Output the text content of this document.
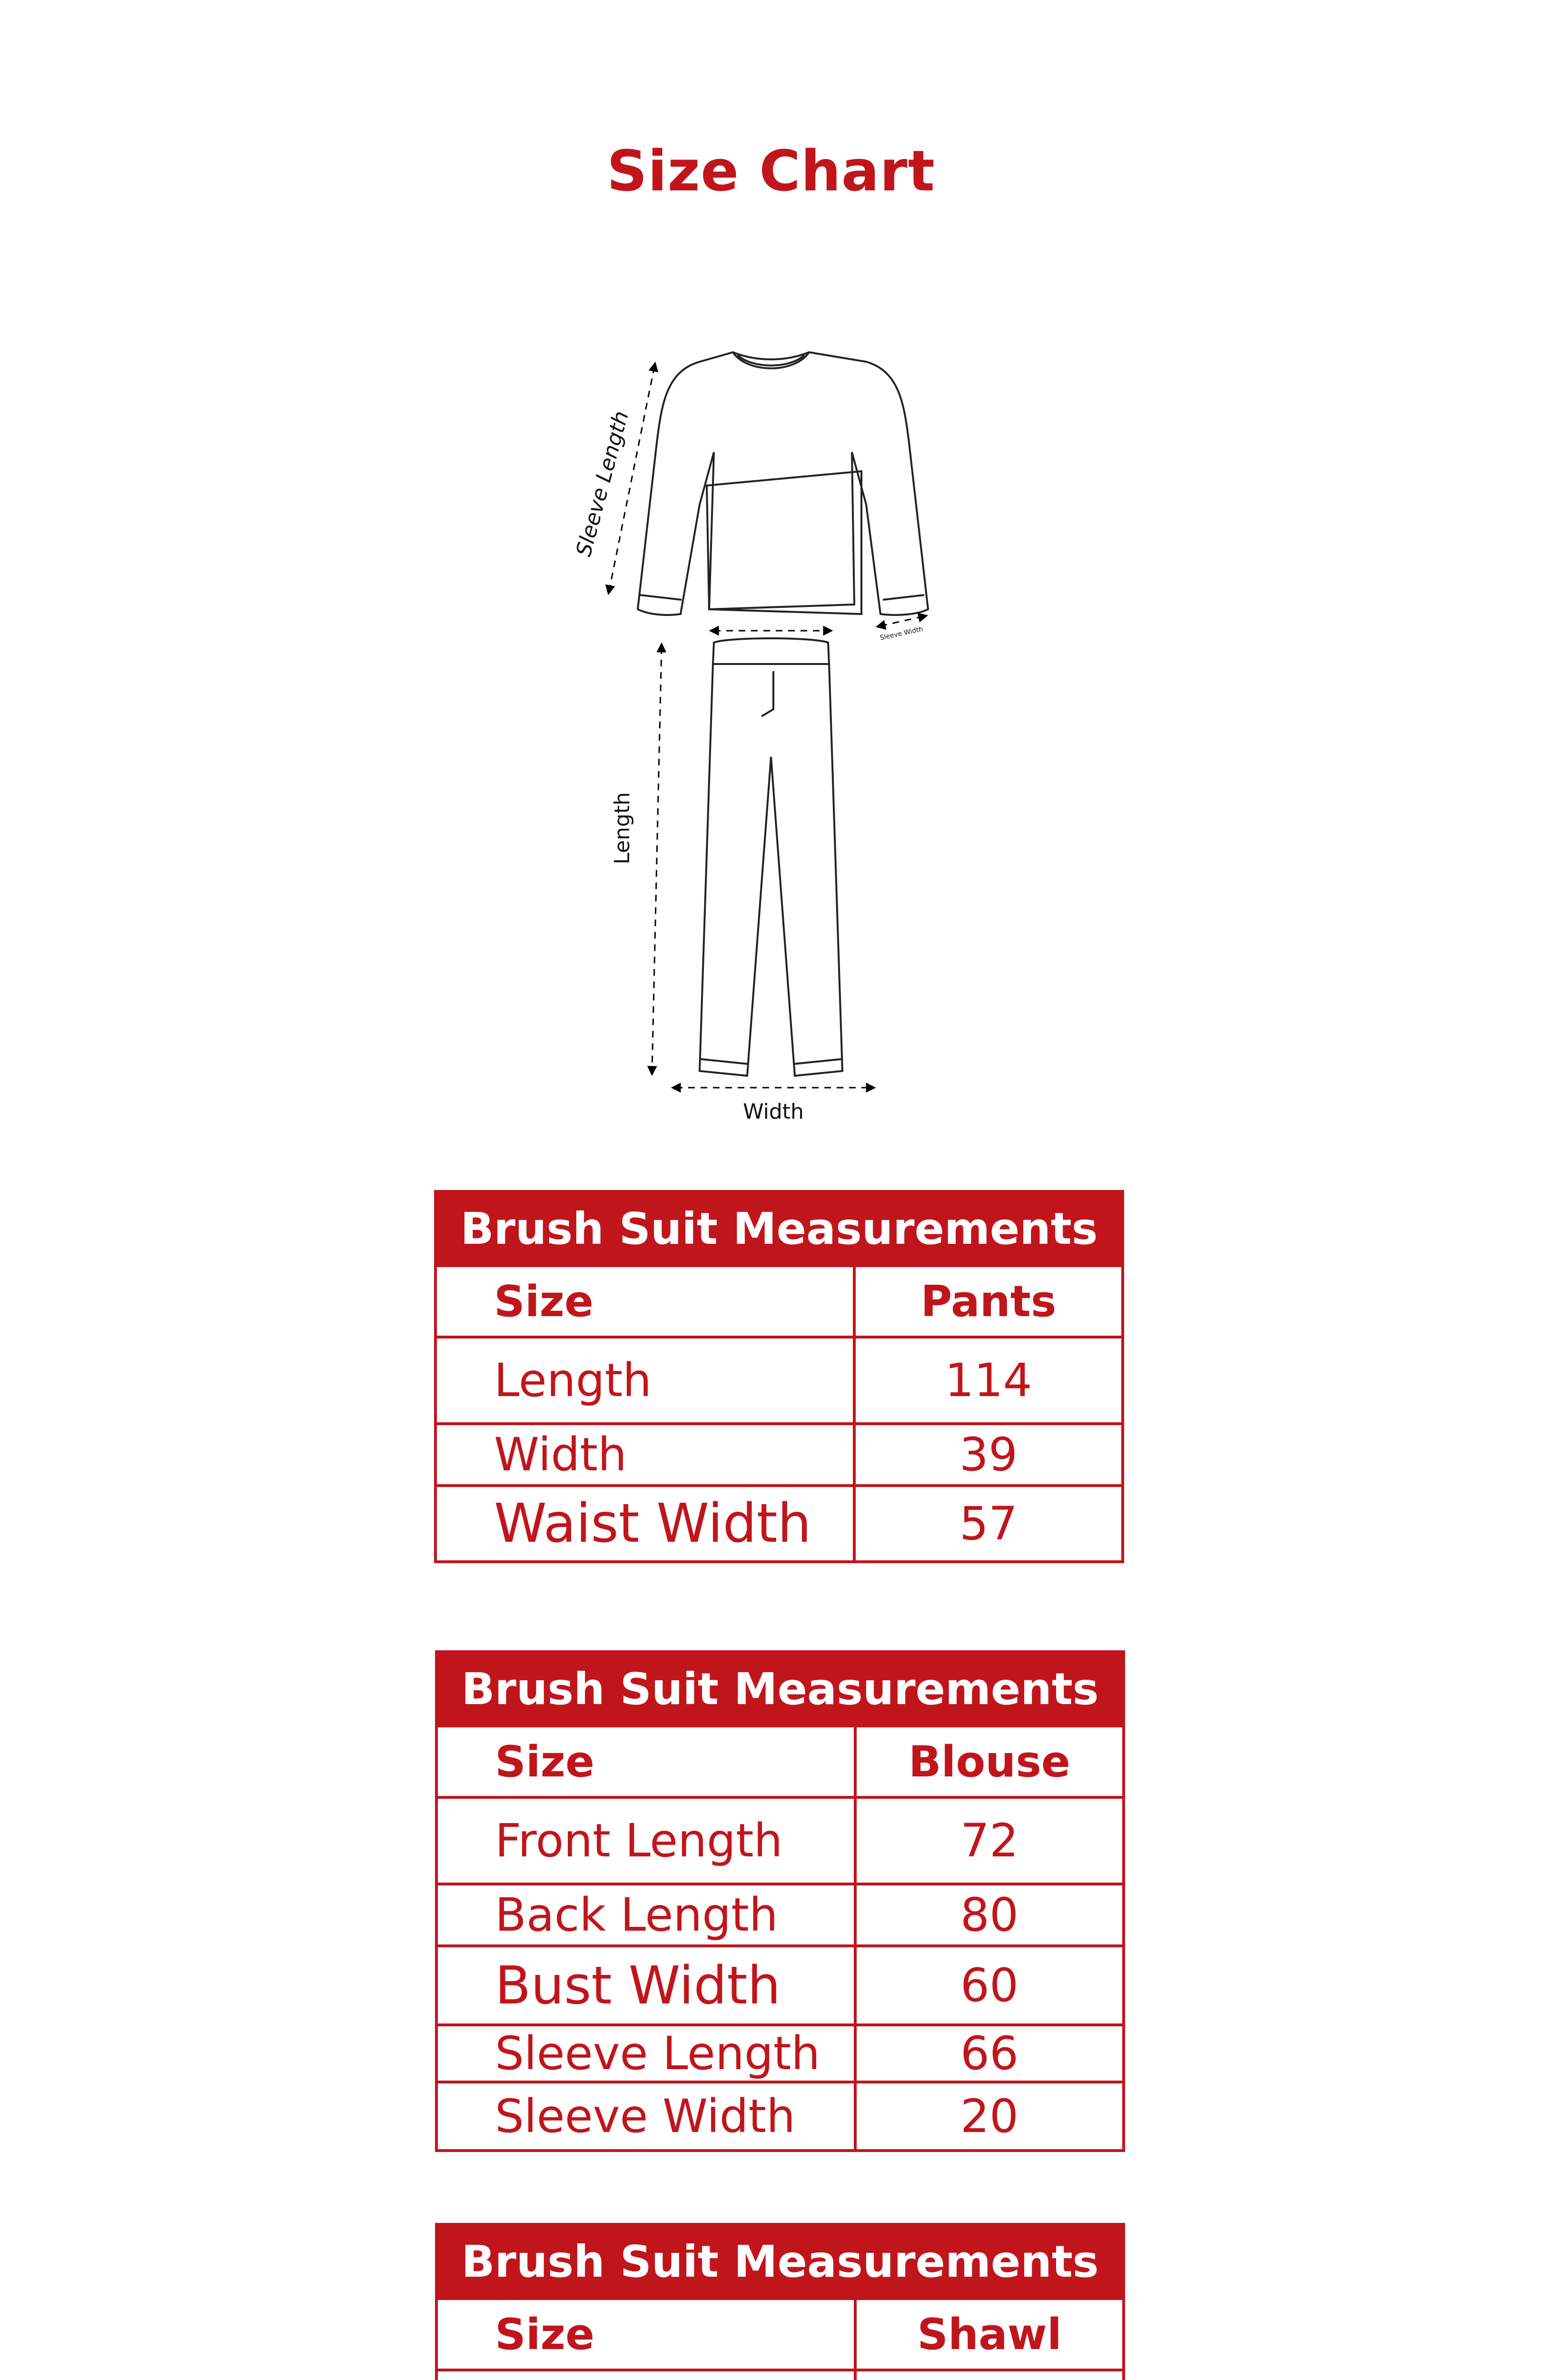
Size Chart
Sleeve Length
Sleeve Width
Length
Width
Brush Suit Measurements	
Size	Pants
Length	114
Width	39
Waist Width	57
Brush Suit Measurements	
Size	Blouse
Front Length	72
Back Length	80
Bust Width	60
Sleeve Length	66
Sleeve Width	20
Brush Suit Measurements	
Size	Shawl
